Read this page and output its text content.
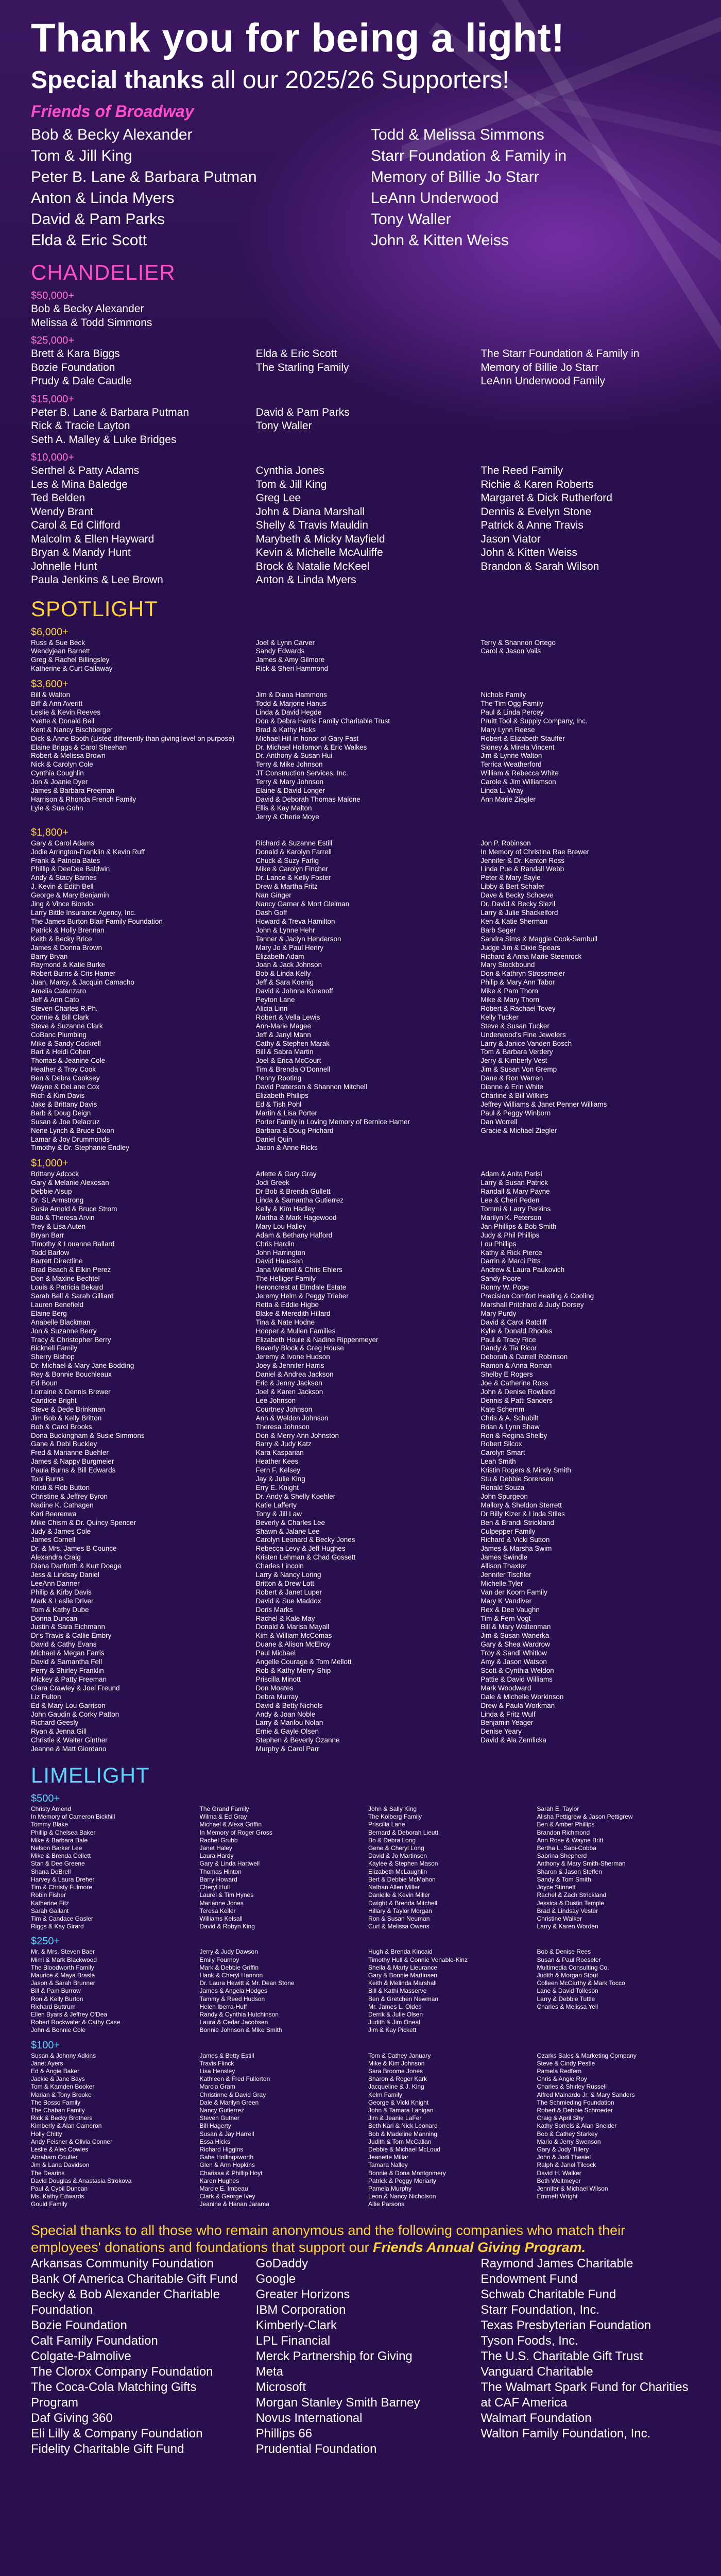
Thank you for being a light!
Special thanks all our 2025/26 Supporters!
Friends of Broadway
Bob & Becky Alexander
Tom & Jill King
Peter B. Lane & Barbara Putman
Anton & Linda Myers
David & Pam Parks
Elda & Eric Scott
Todd & Melissa Simmons
Starr Foundation & Family in
Memory of Billie Jo Starr
LeAnn Underwood
Tony Waller
John & Kitten Weiss
CHANDELIER
$50,000+
Bob & Becky Alexander
Melissa & Todd Simmons
$25,000+
Brett & Kara Biggs
Bozie Foundation
Prudy & Dale Caudle
Elda & Eric Scott
The Starling Family
The Starr Foundation & Family in
Memory of Billie Jo Starr
LeAnn Underwood Family
$15,000+
Peter B. Lane & Barbara Putman
Rick & Tracie Layton
Seth A. Malley & Luke Bridges
David & Pam Parks
Tony Waller
$10,000+
Serthel & Patty Adams
Les & Mina Baledge
Ted Belden
Wendy Brant
Carol & Ed Clifford
Malcolm & Ellen Hayward
Bryan & Mandy Hunt
Johnelle Hunt
Paula Jenkins & Lee Brown
Cynthia Jones
Tom & Jill King
Greg Lee
John & Diana Marshall
Shelly & Travis Mauldin
Marybeth & Micky Mayfield
Kevin & Michelle McAuliffe
Brock & Natalie McKeel
Anton & Linda Myers
The Reed Family
Richie & Karen Roberts
Margaret & Dick Rutherford
Dennis & Evelyn Stone
Patrick & Anne Travis
Jason Viator
John & Kitten Weiss
Brandon & Sarah Wilson
SPOTLIGHT
$6,000+
Russ & Sue Beck
Wendyjean Barnett
Greg & Rachel Billingsley
Katherine & Curt Callaway
Joel & Lynn Carver
Sandy Edwards
James & Amy Gilmore
Rick & Sheri Hammond
Terry & Shannon Ortego
Carol & Jason Vails
$3,600+
Bill & Walton
Biff & Ann Averitt
Leslie & Kevin Reeves
Yvette & Donald Bell
Kent & Nancy Bischberger
Dick & Anne Booth (Listed differently than giving level on purpose)
Elaine Briggs & Carol Sheehan
Robert & Melissa Brown
Nick & Carolyn Cole
Cynthia Coughlin
Jon & Joanie Dyer
James & Barbara Freeman
Harrison & Rhonda French Family
Lyle & Sue Gohn
Jim & Diana Hammons
Todd & Marjorie Hanus
Linda & David Hegde
Don & Debra Harris Family Charitable Trust
Brad & Kathy Hicks
Michael Hill in honor of Gary Fast
Dr. Michael Hollomon & Eric Walkes
Dr. Anthony & Susan Hui
Terry & Mike Johnson
JT Construction Services, Inc.
Terry & Mary Johnson
Elaine & David Longer
David & Deborah Thomas Malone
Ellis & Kay Malton
Jerry & Cherie Moye
Nichols Family
The Tim Ogg Family
Paul & Linda Percey
Pruitt Tool & Supply Company, Inc.
Mary Lynn Reese
Robert & Elizabeth Stauffer
Sidney & Mirela Vincent
Jim & Lynne Walton
Terrica Weatherford
William & Rebecca White
Carole & Jim Williamson
Linda L. Wray
Ann Marie Ziegler
$1,800+
Gary & Carol Adams
Jodie Arrington-Franklin & Kevin Ruff
Frank & Patricia Bates
Phillip & DeeDee Baldwin
Andy & Stacy Barnes
J. Kevin & Edith Bell
George & Mary Benjamin
Jing & Vince Biondo
Larry Bittle Insurance Agency, Inc.
The James Burton Blair Family Foundation
Patrick & Holly Brennan
Keith & Becky Brice
James & Donna Brown
Barry Bryan
Raymond & Katie Burke
Robert Burns & Cris Hamer
Juan, Marcy, & Jacquin Camacho
Amelia Catanzaro
Jeff & Ann Cato
Steven Charles R.Ph.
Connie & Bill Clark
Steve & Suzanne Clark
CoBanc Plumbing
Mike & Sandy Cockrell
Bart & Heidi Cohen
Thomas & Jeanine Cole
Heather & Troy Cook
Ben & Debra Cooksey
Wayne & DeLane Cox
Rich & Kim Davis
Jake & Brittany Davis
Barb & Doug Deign
Susan & Joe Delacruz
Nene Lynch & Bruce Dixon
Lamar & Joy Drummonds
Timothy & Dr. Stephanie Endley
Richard & Suzanne Estill
Donald & Karolyn Farrell
Chuck & Suzy Farlig
Mike & Carolyn Fincher
Dr. Lance & Kelly Foster
Drew & Martha Fritz
Nan Ginger
Nancy Garner & Mort Gleiman
Dash Goff
Howard & Treva Hamilton
John & Lynne Hehr
Tanner & Jaclyn Henderson
Mary Jo & Paul Henry
Elizabeth Adam
Joan & Jack Johnson
Bob & Linda Kelly
Jeff & Sara Koenig
David & Johnna Korenoff
Peyton Lane
Alicia Linn
Robert & Vella Lewis
Ann-Marie Magee
Jeff & Janyl Mann
Cathy & Stephen Marak
Bill & Sabra Martin
Joel & Erica McCourt
Tim & Brenda O'Donnell
Penny Rooting
David Patterson & Shannon Mitchell
Elizabeth Phillips
Ed & Tish Pohl
Martin & Lisa Porter
Porter Family in Loving Memory of Bernice Hamer
Barbara & Doug Prichard
Daniel Quin
Jason & Anne Ricks
Jon P. Robinson
In Memory of Christina Rae Brewer
Jennifer & Dr. Kenton Ross
Linda Pue & Randall Webb
Peter & Mary Sayle
Libby & Bert Schafer
Dave & Becky Schoeve
Dr. David & Becky Slezil
Larry & Julie Shackelford
Ken & Katie Sherman
Barb Seger
Sandra Sims & Maggie Cook-Sambull
Judge Jim & Dixie Spears
Richard & Anna Marie Steenrock
Mary Stockbound
Don & Kathryn Strossmeier
Philip & Mary Ann Tabor
Mike & Pam Thorn
Mike & Mary Thorn
Robert & Rachael Tovey
Kelly Tucker
Steve & Susan Tucker
Underwood's Fine Jewelers
Larry & Janice Vanden Bosch
Tom & Barbara Verdery
Jerry & Kimberly Vest
Jim & Susan Von Gremp
Dane & Ron Warren
Dianne & Erin White
Charline & Bill Wilkins
Jeffrey Williams & Janet Penner Williams
Paul & Peggy Winborn
Dan Worrell
Gracie & Michael Ziegler
$1,000+
Brittany Adcock
Gary & Melanie Alexosan
Debbie Alsup
Dr. SL Armstrong
Susie Arnold & Bruce Strom
Bob & Theresa Arvin
Trey & Lisa Auten
Bryan Barr
Timothy & Louanne Ballard
Todd Barlow
Barrett Directline
Brad Beach & Elkin Perez
Don & Maxine Bechtel
Louis & Patricia Bekard
Sarah Bell & Sarah Gilliard
Lauren Benefield
Elaine Berg
Anabelle Blackman
Jon & Suzanne Berry
Tracy & Christopher Berry
Bicknell Family
Sherry Bishop
Dr. Michael & Mary Jane Bodding
Rey & Bonnie Bouchleaux
Ed Boun
Lorraine & Dennis Brewer
Candice Bright
Steve & Dede Brinkman
Jim Bob & Kelly Britton
Bob & Carol Brooks
Dona Buckingham & Susie Simmons
Gane & Debi Buckley
Fred & Marianne Buehler
James & Nappy Burgmeier
Paula Burns & Bill Edwards
Toni Burns
Kristi & Rob Button
Christine & Jeffrey Byron
Nadine K. Cathagen
Kari Beerenwa
Mike Chism & Dr. Quincy Spencer
Judy & James Cole
James Cornell
Dr. & Mrs. James B Counce
Alexandra Craig
Diana Danforth & Kurt Doege
Jess & Lindsay Daniel
LeeAnn Danner
Philip & Kirby Davis
Mark & Leslie Driver
Tom & Kathy Dube
Donna Duncan
Justin & Sara Eichmann
Dr's Travis & Callie Embry
David & Cathy Evans
Michael & Megan Farris
David & Samantha Fell
Perry & Shirley Franklin
Mickey & Patty Freeman
Clara Crawley & Joel Freund
Liz Fulton
Ed & Mary Lou Garrison
John Gaudin & Corky Patton
Richard Geesly
Ryan & Jenna Gill
Christie & Walter Ginther
Jeanne & Matt Giordano
Arlette & Gary Gray
Jodi Greek
Dr Bob & Brenda Gullett
Linda & Samantha Gutierrez
Kelly & Kim Hadley
Martha & Mark Hagewood
Mary Lou Halley
Adam & Bethany Halford
Chris Hardin
John Harrington
David Haussen
Jana Wiemel & Chris Ehlers
The Helliger Family
Heroncrest at Elmdale Estate
Jeremy Helm & Peggy Trieber
Retta & Eddie Higbe
Blake & Meredith Hillard
Tina & Nate Hodne
Hooper & Mullen Families
Elizabeth Houle & Nadine Rippenmeyer
Beverly Block & Greg House
Jeremy & Ivone Hudson
Joey & Jennifer Harris
Daniel & Andrea Jackson
Eric & Jenny Jackson
Joel & Karen Jackson
Lee Johnson
Courtney Johnson
Ann & Weldon Johnson
Theresa Johnson
Don & Merry Ann Johnston
Barry & Judy Katz
Kara Kasparian
Heather Kees
Fern F. Kelsey
Jay & Julie King
Erry E. Knight
Dr. Andy & Shelly Koehler
Katie Lafferty
Tony & Jill Law
Beverly & Charles Lee
Shawn & Jalane Lee
Carolyn Leonard & Becky Jones
Rebecca Levy & Jeff Hughes
Kristen Lehman & Chad Gossett
Charles Lincoln
Larry & Nancy Loring
Britton & Drew Lott
Robert & Janet Luper
David & Sue Maddox
Doris Marks
Rachel & Kale May
Donald & Marisa Mayall
Kim & William McComas
Duane & Alison McElroy
Paul Michael
Angelle Courage & Tom Mellott
Rob & Kathy Merry-Ship
Priscilla Minott
Don Moates
Debra Murray
David & Betty Nichols
Andy & Joan Noble
Larry & Marilou Nolan
Ernie & Gayle Olsen
Stephen & Beverly Ozanne
Murphy & Carol Parr
Adam & Anita Parisi
Larry & Susan Patrick
Randall & Mary Payne
Lee & Cheri Peden
Tommi & Larry Perkins
Marilyn K. Peterson
Jan Phillips & Bob Smith
Judy & Phil Phillips
Lou Phillips
Kathy & Rick Pierce
Darrin & Marci Pitts
Andrew & Laura Paukovich
Sandy Poore
Ronny W. Pope
Precision Comfort Heating & Cooling
Marshall Pritchard & Judy Dorsey
Mary Purdy
David & Carol Ratcliff
Kylie & Donald Rhodes
Paul & Tracy Rice
Randy & Tia Ricor
Deborah & Darrell Robinson
Ramon & Anna Roman
Shelby E Rogers
Joe & Catherine Ross
John & Denise Rowland
Dennis & Patti Sanders
Kate Schemm
Chris & A. Schubilt
Brian & Lynn Shaw
Ron & Regina Shelby
Robert Silcox
Carolyn Smart
Leah Smith
Kristin Rogers & Mindy Smith
Stu & Debbie Sorensen
Ronald Souza
John Spurgeon
Mallory & Sheldon Sterrett
Dr Billy Kizer & Linda Stiles
Ben & Brandi Strickland
Culpepper Family
Richard & Vicki Sutton
James & Marsha Swim
James Swindle
Allison Thaxter
Jennifer Tischler
Michelle Tyler
Van der Koorn Family
Mary K Vandiver
Rex & Dee Vaughn
Tim & Fern Vogt
Bill & Mary Waltenman
Jim & Susan Wanerka
Gary & Shea Wardrow
Troy & Sandi Whitlow
Amy & Jason Watson
Scott & Cynthia Weldon
Pattie & David Williams
Mark Woodward
Dale & Michelle Workinson
Drew & Paula Workman
Linda & Fritz Wulf
Benjamin Yeager
Denise Yeary
David & Ala Zemlicka
LIMELIGHT
$500+
Christy Amend
In Memory of Cameron Bickhill
Tommy Blake
Phillip & Chelsea Baker
Mike & Barbara Bale
Nelson Barker Lee
Mike & Brenda Cellett
Stan & Dee Greene
Shana DeBrell
Harvey & Laura Dreher
Tim & Christy Fulmore
Robin Fisher
Katherine Fitz
Sarah Gallant
Tim & Candace Gasler
Riggs & Kay Girard
The Grand Family
Wilma & Ed Gray
Michael & Alexa Griffin
In Memory of Roger Gross
Rachel Grubb
Janet Haley
Laura Hardy
Gary & Linda Hartwell
Thomas Hinton
Barry Howard
Cheryl Hull
Laurel & Tim Hynes
Marianne Jones
Teresa Keller
Williams Kelsall
David & Robyn King
John & Sally King
The Kolberg Family
Priscilla Lane
Bernard & Deborah Lieutt
Bo & Debra Long
Gene & Cheryl Long
David & Jo Martinsen
Kaylee & Stephen Mason
Elizabeth McLaughlin
Bert & Debbie McMahon
Nathan Allen Miller
Danielle & Kevin Miller
Dwight & Brenda Mitchell
Hillary & Taylor Morgan
Ron & Susan Neuman
Curt & Melissa Owens
Sarah E. Taylor
Alisha Pettigrew & Jason Pettigrew
Ben & Amber Phillips
Brandon Richmond
Ann Rose & Wayne Britt
Bertha L. Sabi-Cobba
Sabrina Shepherd
Anthony & Mary Smith-Sherman
Sharon & Jason Steffen
Sandy & Tom Smith
Joyce Stinnett
Rachel & Zach Strickland
Jessica & Dustin Temple
Brad & Lindsay Vester
Christine Walker
Larry & Karen Worden
$250+
Mr. & Mrs. Steven Baer
Mimi & Mark Blackwood
The Bloodworth Family
Maurice & Maya Brasle
Jason & Sarah Brunner
Bill & Pam Burrow
Ron & Kelly Burton
Richard Buttrum
Ellen Byars & Jeffrey O'Dea
Robert Rockwater & Cathy Case
John & Bonnie Cole
Jerry & Judy Dawson
Emily Fournoy
Mark & Debbie Griffin
Hank & Cheryl Hannon
Dr. Laura Hewitt & Mr. Dean Stone
James & Angela Hodges
Tammy & Reed Hudson
Helen Iberra-Huff
Randy & Cynthia Hutchinson
Laura & Cedar Jacobsen
Bonnie Johnson & Mike Smith
Hugh & Brenda Kincaid
Timothy Hull & Connie Venable-Kinz
Sheila & Marty Lieurance
Gary & Bonnie Martinsen
Keith & Melinda Marshall
Bill & Kathi Masserve
Ben & Gretchen Newman
Mr. James L. Oldes
Derrik & Julie Olsen
Judith & Jim Oneal
Jim & Kay Pickett
Bob & Denise Rees
Susan & Paul Roeseler
Multimedia Consulting Co.
Judith & Morgan Stout
Colleen McCarthy & Mark Tocco
Lane & David Tolleson
Larry & Debbie Tuttle
Charles & Melissa Yell
$100+
Susan & Johnny Adkins
Janet Ayers
Ed & Angie Baker
Jackie & Jane Bays
Tom & Kamden Booker
Marian & Tony Brooke
The Bosso Family
The Chaban Family
Rick & Becky Brothers
Kimberly & Alan Cameron
Holly Chitty
Andy Feisner & Olivia Conner
Leslie & Alec Cowles
Abraham Coulter
Jim & Lana Davidson
The Dearins
David Douglas & Anastasia Strokova
Paul & Cybil Duncan
Ms. Kathy Edwards
Gould Family
James & Betty Estill
Travis Flinck
Lisa Hensley
Kathleen & Fred Fullerton
Marcia Gram
Christinne & David Gray
Dale & Marilyn Green
Nancy Gutierrez
Steven Gutner
Bill Hagerty
Susan & Jay Harrell
Essa Hicks
Richard Higgins
Gabe Hollingsworth
Glen & Ann Hopkins
Charissa & Phillip Hoyt
Karen Hughes
Marcie E. Imbeau
Clark & George Ivey
Jeanine & Hanan Jarama
Tom & Cathey January
Mike & Kim Johnson
Sara Broome Jones
Sharon & Roger Kark
Jacqueline & J. King
Kelm Family
George & Vicki Knight
John & Tamara Lanigan
Jim & Jeanie LaFer
Beth Kari & Nick Leonard
Bob & Madeline Manning
Judith & Tom McCallan
Debbie & Michael McLoud
Jeanette Millar
Tamara Nalley
Bonnie & Dona Montgomery
Patrick & Peggy Moriarty
Pamela Murphy
Leon & Nancy Nicholson
Allie Parsons
Ozarks Sales & Marketing Company
Steve & Cindy Pestle
Pamela Redfern
Chris & Angie Roy
Charles & Shirley Russell
Alfred Mainardo Jr. & Mary Sanders
The Schmieding Foundation
Robert & Debbie Schroeder
Craig & April Shy
Kathy Sorrels & Alan Sneider
Bob & Cathey Starkey
Mario & Jerry Swenson
Gary & Jody Tillery
John & Jodi Thesiel
Ralph & Janel Tilcock
David H. Walker
Beth Weltmeyer
Jennifer & Michael Wilson
Emmett Wright
Special thanks to all those who remain anonymous and the following companies who match their employees' donations and foundations that support our Friends Annual Giving Program.
Arkansas Community Foundation
Bank Of America Charitable Gift Fund
Becky & Bob Alexander Charitable Foundation
Bozie Foundation
Calt Family Foundation
Colgate-Palmolive
The Clorox Company Foundation
The Coca-Cola Matching Gifts Program
Daf Giving 360
Eli Lilly & Company Foundation
Fidelity Charitable Gift Fund
GoDaddy
Google
Greater Horizons
IBM Corporation
Kimberly-Clark
LPL Financial
Merck Partnership for Giving
Meta
Microsoft
Morgan Stanley Smith Barney
Novus International
Phillips 66
Prudential Foundation
Raymond James Charitable Endowment Fund
Schwab Charitable Fund
Starr Foundation, Inc.
Texas Presbyterian Foundation
Tyson Foods, Inc.
The U.S. Charitable Gift Trust
Vanguard Charitable
The Walmart Spark Fund for Charities at CAF America
Walmart Foundation
Walton Family Foundation, Inc.
